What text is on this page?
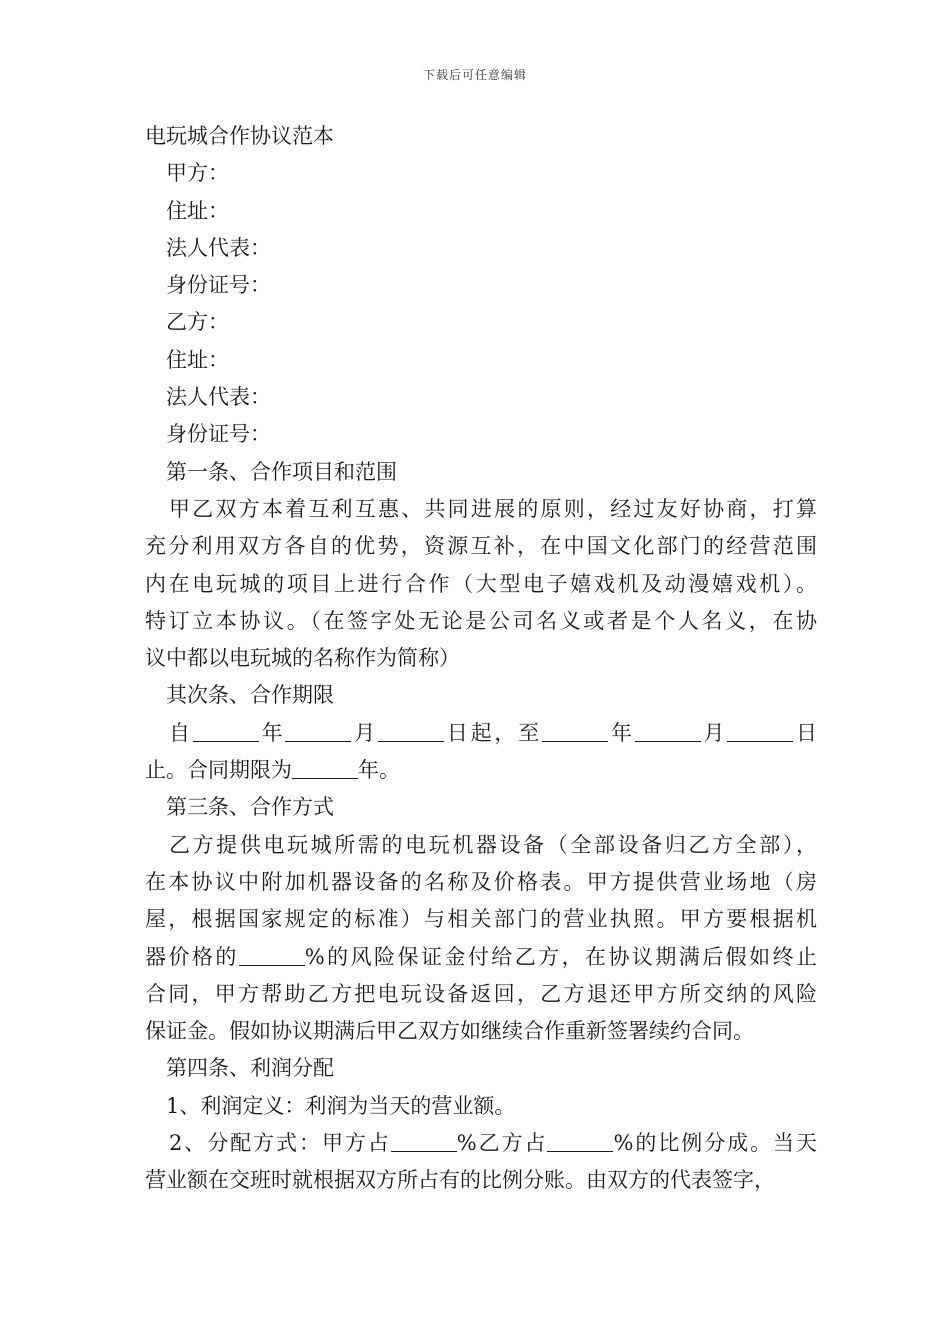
下载后可任意编辑
电玩城合作协议范本
甲方：
住址：
法人代表：
身份证号：
乙方：
住址：
法人代表：
身份证号：
第一条、合作项目和范围
甲乙双方本着互利互惠、共同进展的原则，经过友好协商，打算
充分利用双方各自的优势，资源互补，在中国文化部门的经营范围
内在电玩城的项目上进行合作（大型电子嬉戏机及动漫嬉戏机）。
特订立本协议。（在签字处无论是公司名义或者是个人名义，在协
议中都以电玩城的名称作为简称）
其次条、合作期限
自	年	月	日起，至	年	月	日
止。合同期限为	年。
第三条、合作方式
乙方提供电玩城所需的电玩机器设备（全部设备归乙方全部），
在本协议中附加机器设备的名称及价格表。甲方提供营业场地（房
屋，根据国家规定的标准）与相关部门的营业执照。甲方要根据机
器价格的	%的风险保证金付给乙方，在协议期满后假如终止
合同，甲方帮助乙方把电玩设备返回，乙方退还甲方所交纳的风险
保证金。假如协议期满后甲乙双方如继续合作重新签署续约合同。
第四条、利润分配
1、利润定义：利润为当天的营业额。
2、分配方式：甲方占	%乙方占	%的比例分成。当天
营业额在交班时就根据双方所占有的比例分账。由双方的代表签字，
